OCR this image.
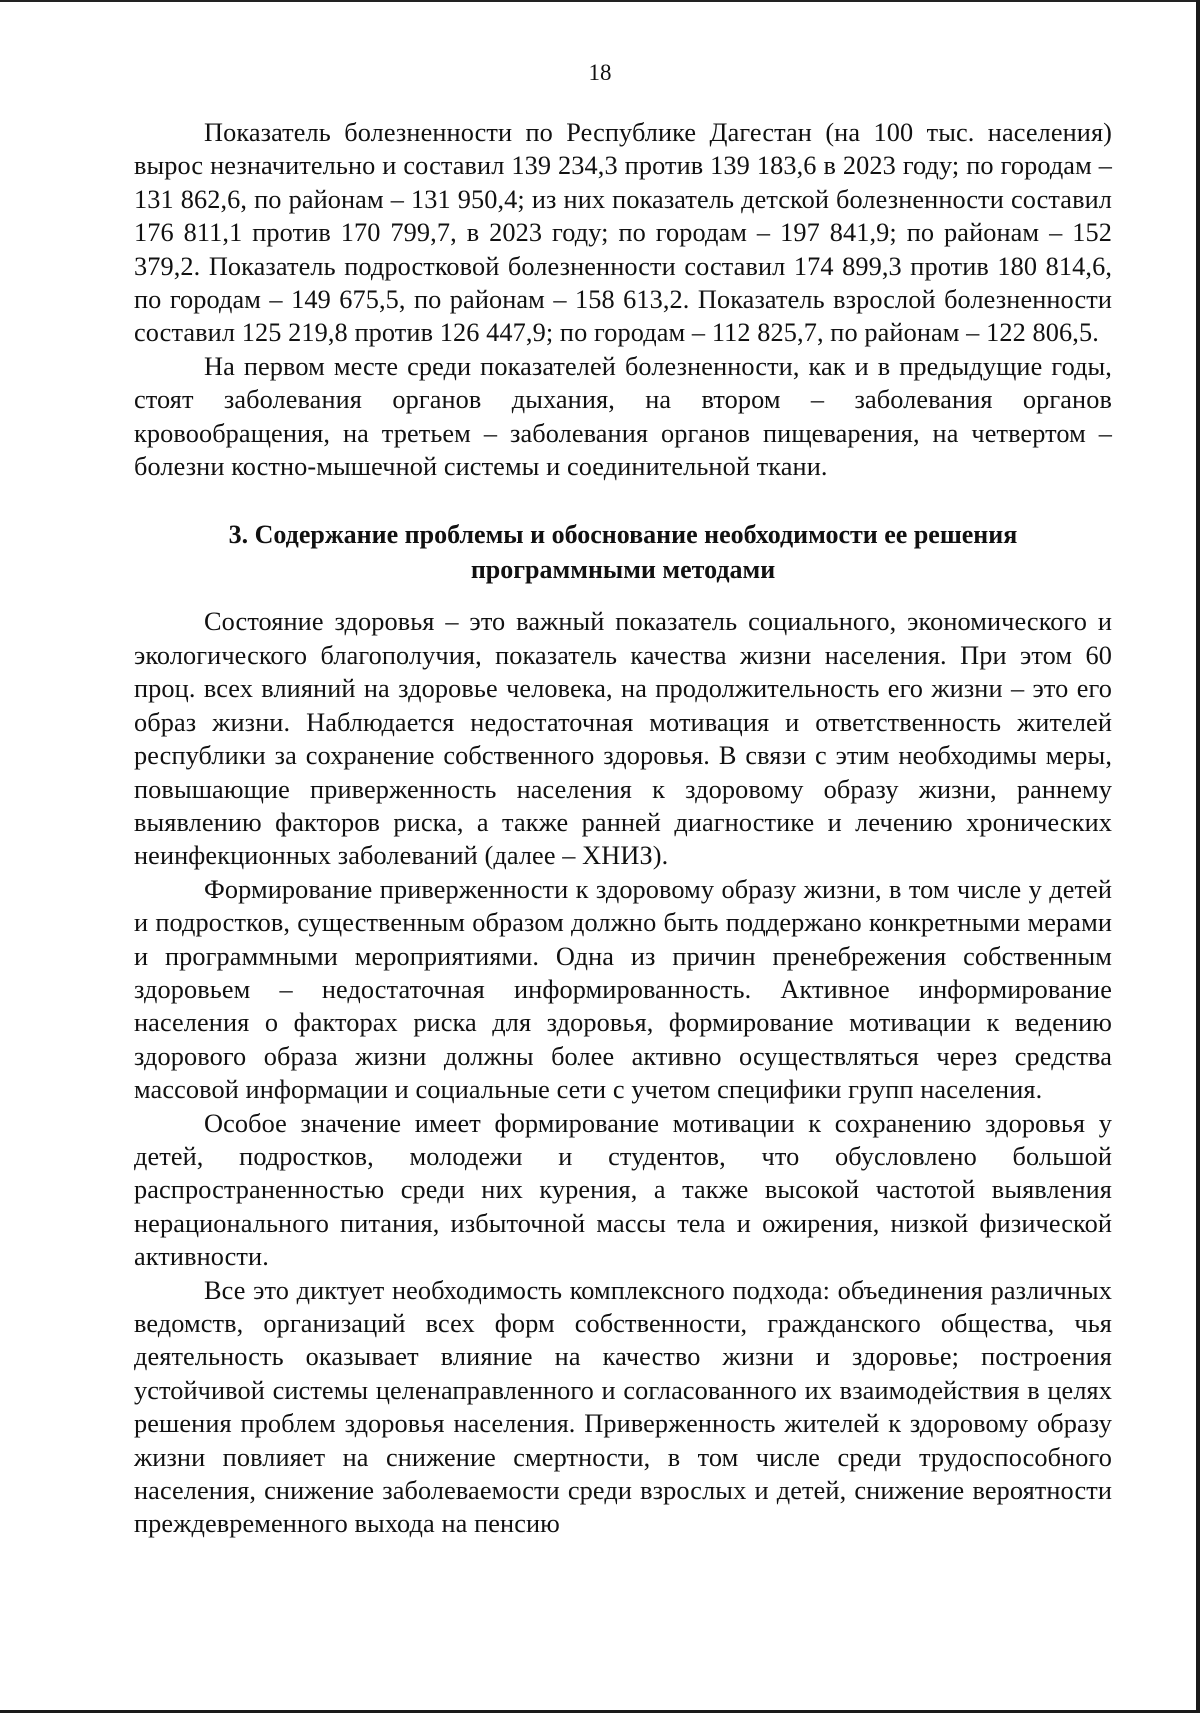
18

Показатель болезненности по Республике Дагестан (на 100 тыс. населения) вырос незначительно и составил 139 234,3 против 139 183,6 в 2023 году; по городам – 131 862,6, по районам – 131 950,4; из них показатель детской болезненности составил 176 811,1 против 170 799,7, в 2023 году; по городам – 197 841,9; по районам – 152 379,2. Показатель подростковой болезненности составил 174 899,3 против 180 814,6, по городам – 149 675,5, по районам – 158 613,2. Показатель взрослой болезненности составил 125 219,8 против 126 447,9; по городам – 112 825,7, по районам – 122 806,5.

На первом месте среди показателей болезненности, как и в предыдущие годы, стоят заболевания органов дыхания, на втором – заболевания органов кровообращения, на третьем – заболевания органов пищеварения, на четвертом – болезни костно-мышечной системы и соединительной ткани.

3. Содержание проблемы и обоснование необходимости ее решения программными методами

Состояние здоровья – это важный показатель социального, экономического и экологического благополучия, показатель качества жизни населения. При этом 60 проц. всех влияний на здоровье человека, на продолжительность его жизни – это его образ жизни. Наблюдается недостаточная мотивация и ответственность жителей республики за сохранение собственного здоровья. В связи с этим необходимы меры, повышающие приверженность населения к здоровому образу жизни, раннему выявлению факторов риска, а также ранней диагностике и лечению хронических неинфекционных заболеваний (далее – ХНИЗ).

Формирование приверженности к здоровому образу жизни, в том числе у детей и подростков, существенным образом должно быть поддержано конкретными мерами и программными мероприятиями. Одна из причин пренебрежения собственным здоровьем – недостаточная информированность. Активное информирование населения о факторах риска для здоровья, формирование мотивации к ведению здорового образа жизни должны более активно осуществляться через средства массовой информации и социальные сети с учетом специфики групп населения.

Особое значение имеет формирование мотивации к сохранению здоровья у детей, подростков, молодежи и студентов, что обусловлено большой распространенностью среди них курения, а также высокой частотой выявления нерационального питания, избыточной массы тела и ожирения, низкой физической активности.

Все это диктует необходимость комплексного подхода: объединения различных ведомств, организаций всех форм собственности, гражданского общества, чья деятельность оказывает влияние на качество жизни и здоровье; построения устойчивой системы целенаправленного и согласованного их взаимодействия в целях решения проблем здоровья населения. Приверженность жителей к здоровому образу жизни повлияет на снижение смертности, в том числе среди трудоспособного населения, снижение заболеваемости среди взрослых и детей, снижение вероятности преждевременного выхода на пенсию
